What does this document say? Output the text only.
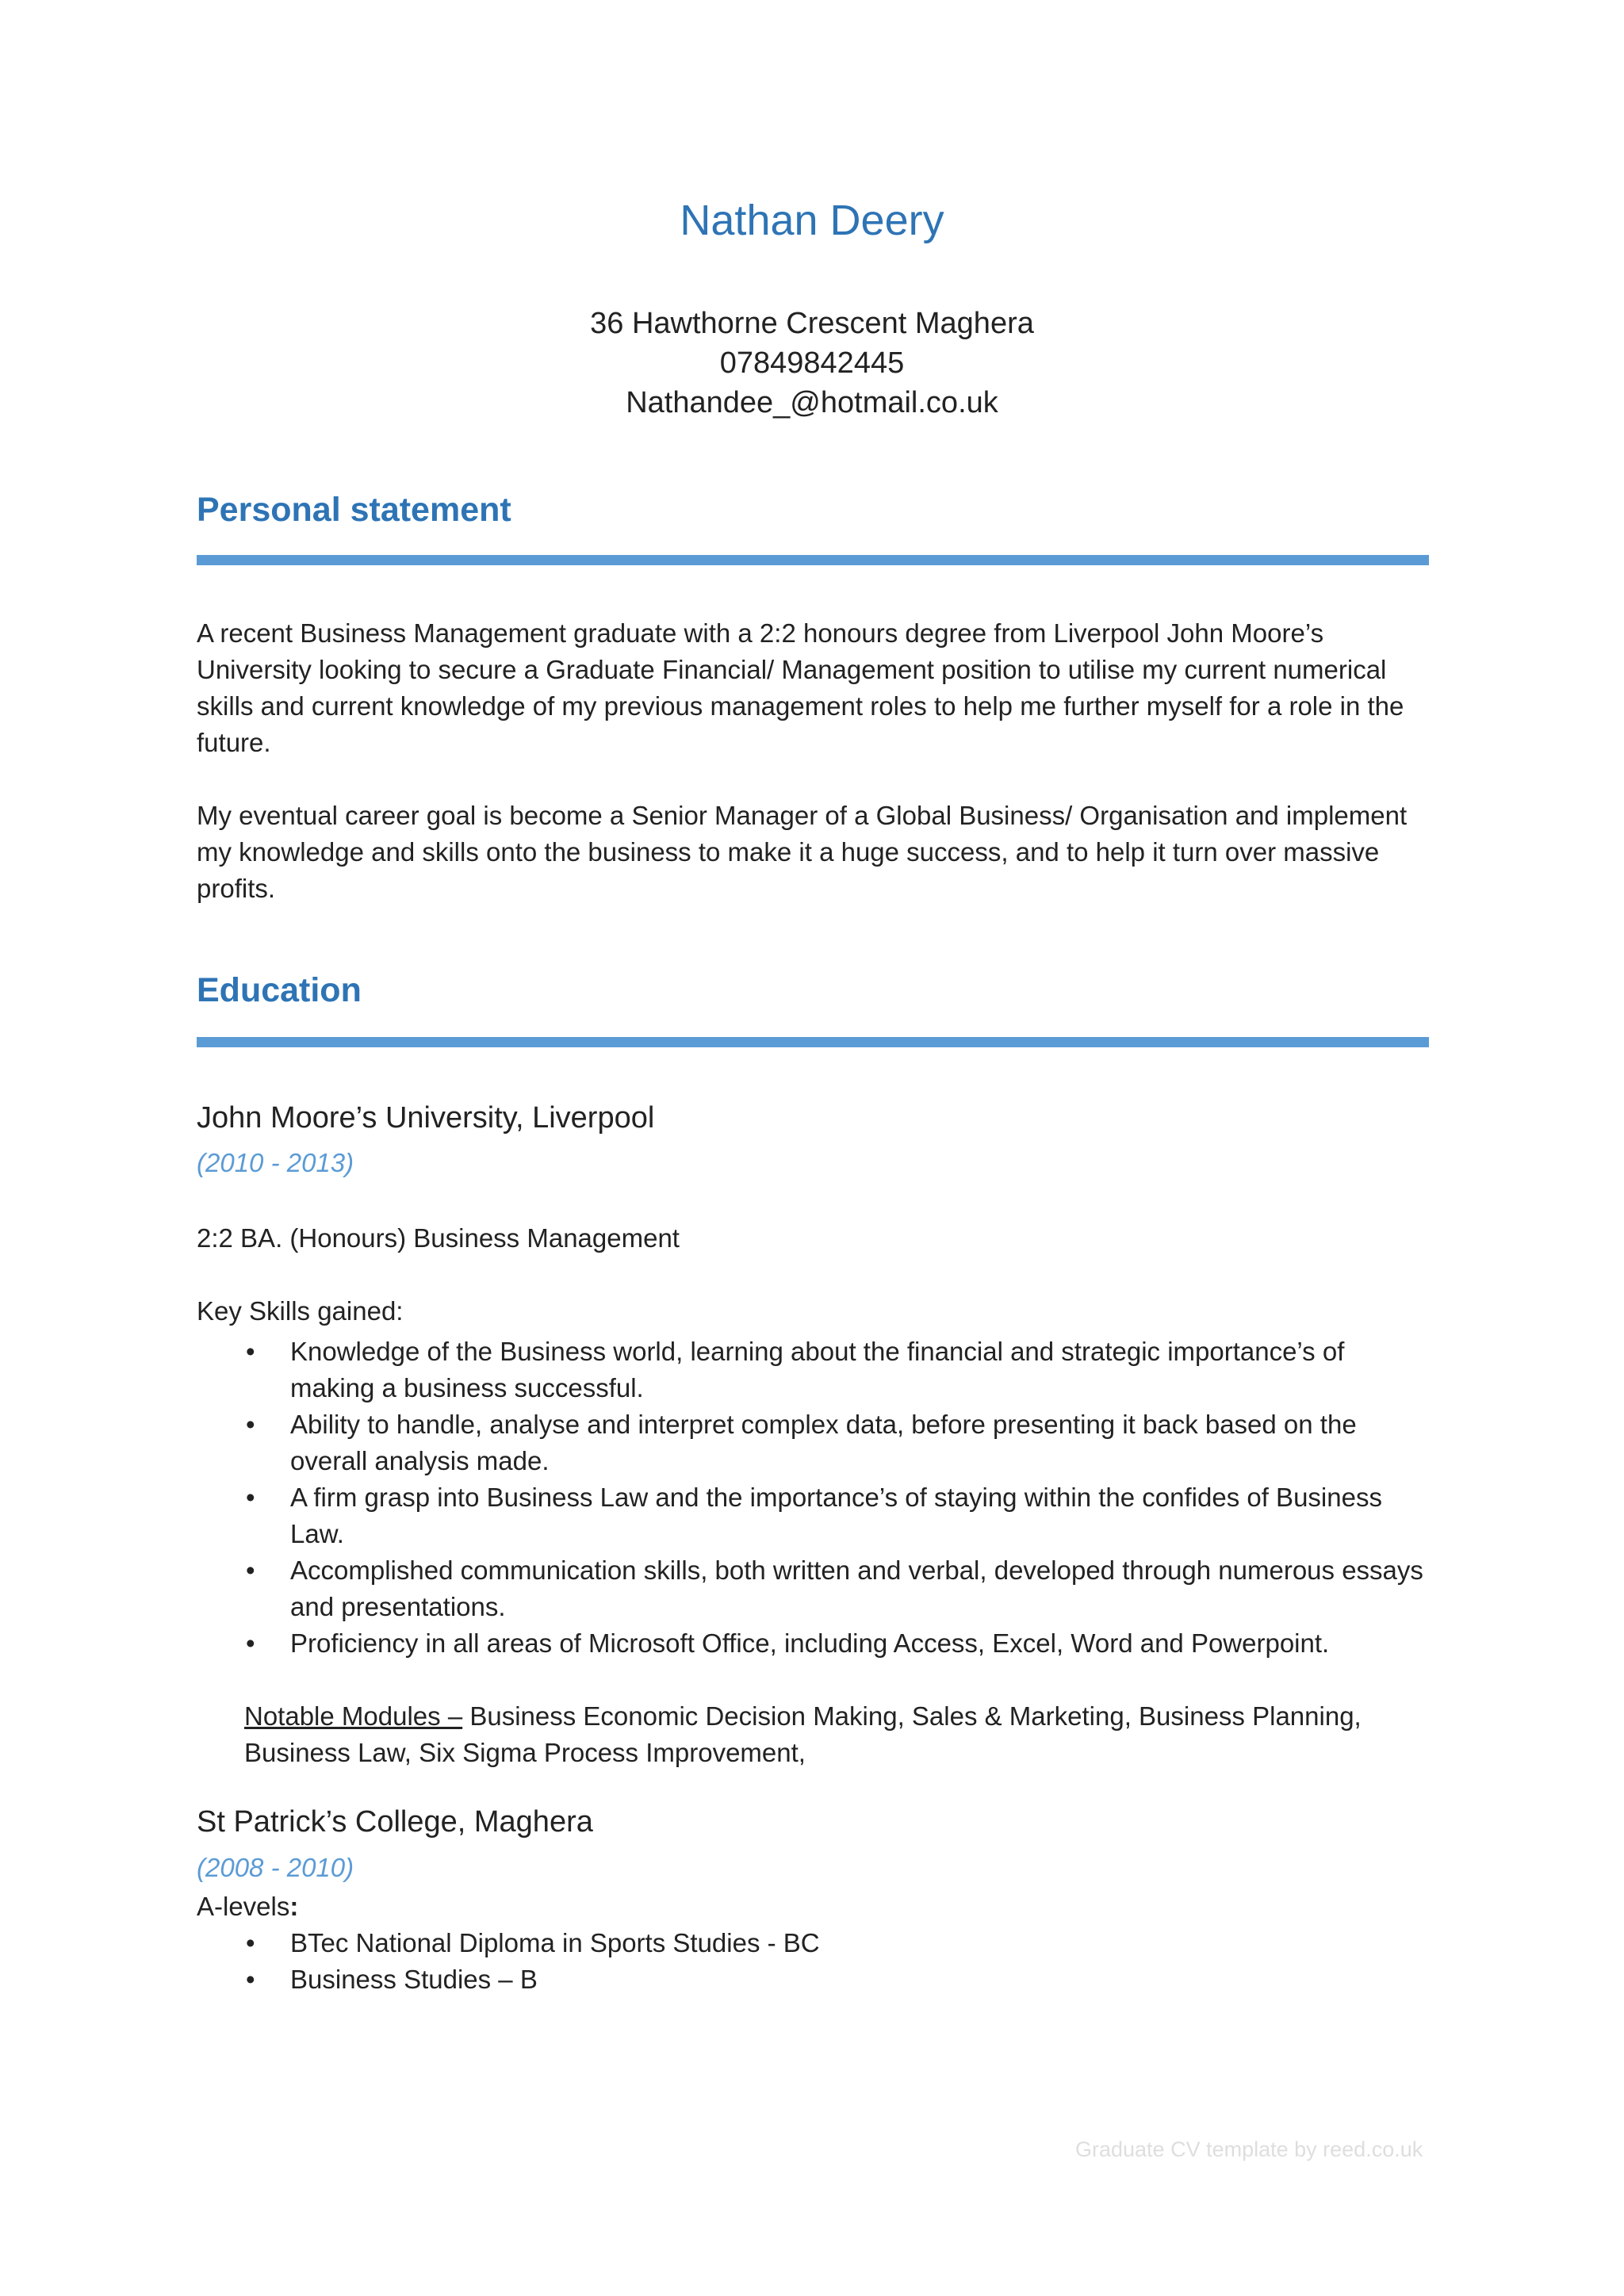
Nathan Deery
36 Hawthorne Crescent Maghera
07849842445
Nathandee_@hotmail.co.uk
Personal statement

A recent Business Management graduate with a 2:2 honours degree from Liverpool John Moore’s University looking to secure a Graduate Financial/ Management position to utilise my current numerical skills and current knowledge of my previous management roles to help me further myself for a role in the future.

My eventual career goal is become a Senior Manager of a Global Business/ Organisation and implement my knowledge and skills onto the business to make it a huge success, and to help it turn over massive profits.

Education
John Moore’s University, Liverpool
(2010 - 2013)
2:2 BA. (Honours) Business Management
Key Skills gained:
• Knowledge of the Business world, learning about the financial and strategic importance’s of making a business successful.
• Ability to handle, analyse and interpret complex data, before presenting it back based on the overall analysis made.
• A firm grasp into Business Law and the importance’s of staying within the confides of Business Law.
• Accomplished communication skills, both written and verbal, developed through numerous essays and presentations.
• Proficiency in all areas of Microsoft Office, including Access, Excel, Word and Powerpoint.
Notable Modules – Business Economic Decision Making, Sales & Marketing, Business Planning, Business Law, Six Sigma Process Improvement,
St Patrick’s College, Maghera
(2008 - 2010)
A-levels:
• BTec National Diploma in Sports Studies - BC
• Business Studies – B
Graduate CV template by reed.co.uk
